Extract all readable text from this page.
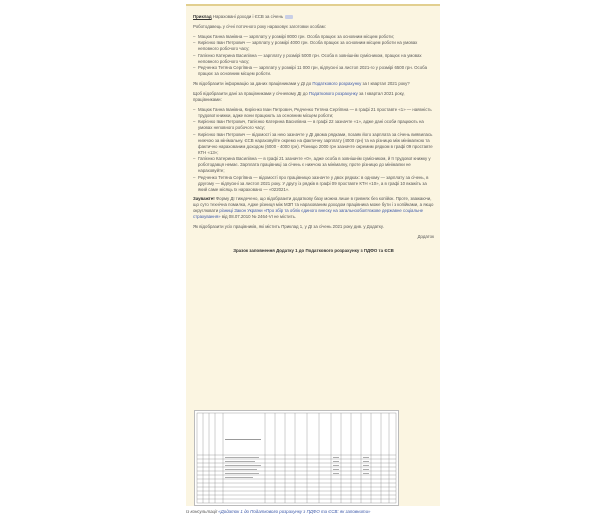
Приклад Нараховані доходи і ЄСВ за січень
Роботодавець у січні поточного року нараховує заготовки особам:
– Мацюк Ганна Іванівна — зарплату у розмірі 8000 грн. Особа працює за основним місцем роботи;
– Кирієнко Іван Петрович — зарплату у розмірі 4000 грн. Особа працює за основним місцем роботи на умовах неповного робочого часу;
– Гапієнко Катерина Василівна — зарплату у розмірі 5000 грн. Особа в зовнішнім сумісником, працює на умовах неповного робочого часу;
– Редченко Тетяна Сергіївна — зарплату у розмірі 11 000 грн, відпускні за листоп 2021-го у розмірі 6500 грн. Особа працює за основним місцем роботи.
Як відобразити інформацію за даних працівниками у ДІ до Податкового розрахунку за І квартал 2021 року?
Щоб відобразити дані за працівниками у січневому ДІ до Податкового розрахунку за І квартал 2021 року, працівниками:
– Мацюк Ганна Іванівна, Кирієнко Іван Петрович, Редченко Тетяна Сергіївна — в графі 21 проставте «1» — наявність трудової книжки, адже вони працюють за основним місцем роботи;
– Кирієнко Іван Петрович, Гапієнко Катерина Василівна — в графі 22 зазначте «1», адже дані особи працюють на умовах неповного робочого часу;
– Кирієнко Іван Петрович — відомості за нею зазначте у ДІ двома рядками, позаяк його зарплата за січень виявилась нижчою за мінімальну. ЄСВ нараховуйте окремо на фактичну зарплату (4000 грн) та на різницю між мінімалкою та фактично нарахованим доходом (6000 - 4000 грн). Різницю 2000 грн зазначте окремим рядком в графі 09 проставте КТН «13»;
– Гапієнко Катерина Василівна — в графі 21 зазначте «0», адже особа в зовнішнім сумісником, й її трудової книжку у роботодавця немає. Зарплата працівниці за січень є нижчою за мінімалку, проте різницю до мінімалки не нараховуйте;
– Редченко Тетяна Сергіївна — відомості про працівницю зазначте у двох рядках: в одному — зарплату за січень, в другому — відпускні за листоп 2021 року. У другу із рядків в графі 09 проставте КТН «10», а в графі 10 вкажіть за який саме місяць їх нараховано — «022021».
Зауважте! Форму ДІ тиждечено, що відобразити додаткову базу можна лише в гривнях без копійок. Проте, зважаючи, що суто технічна помилка, Адже різниця між МЗП та нарахованим доходом працівника може бути і з копійками, а якщо округлювати різниці Закон України «Про збір та облік єдиного внеску на загальнообов'язкове державне соціальне страхування» від 08.07.2010 № 2464-VI не містить.
Як відобразити усіх працівників, які містить Приклад 1, у ДІ за січень 2021 року див. у Додатку.
Додаток
Зразок заповнення Додатку 1 до Податкового розрахунку з ПДФО та ЄСВ
Із консультації «Додаток 1 до Податкового розрахунку з ПДФО та ЄСВ: як заповнити»
